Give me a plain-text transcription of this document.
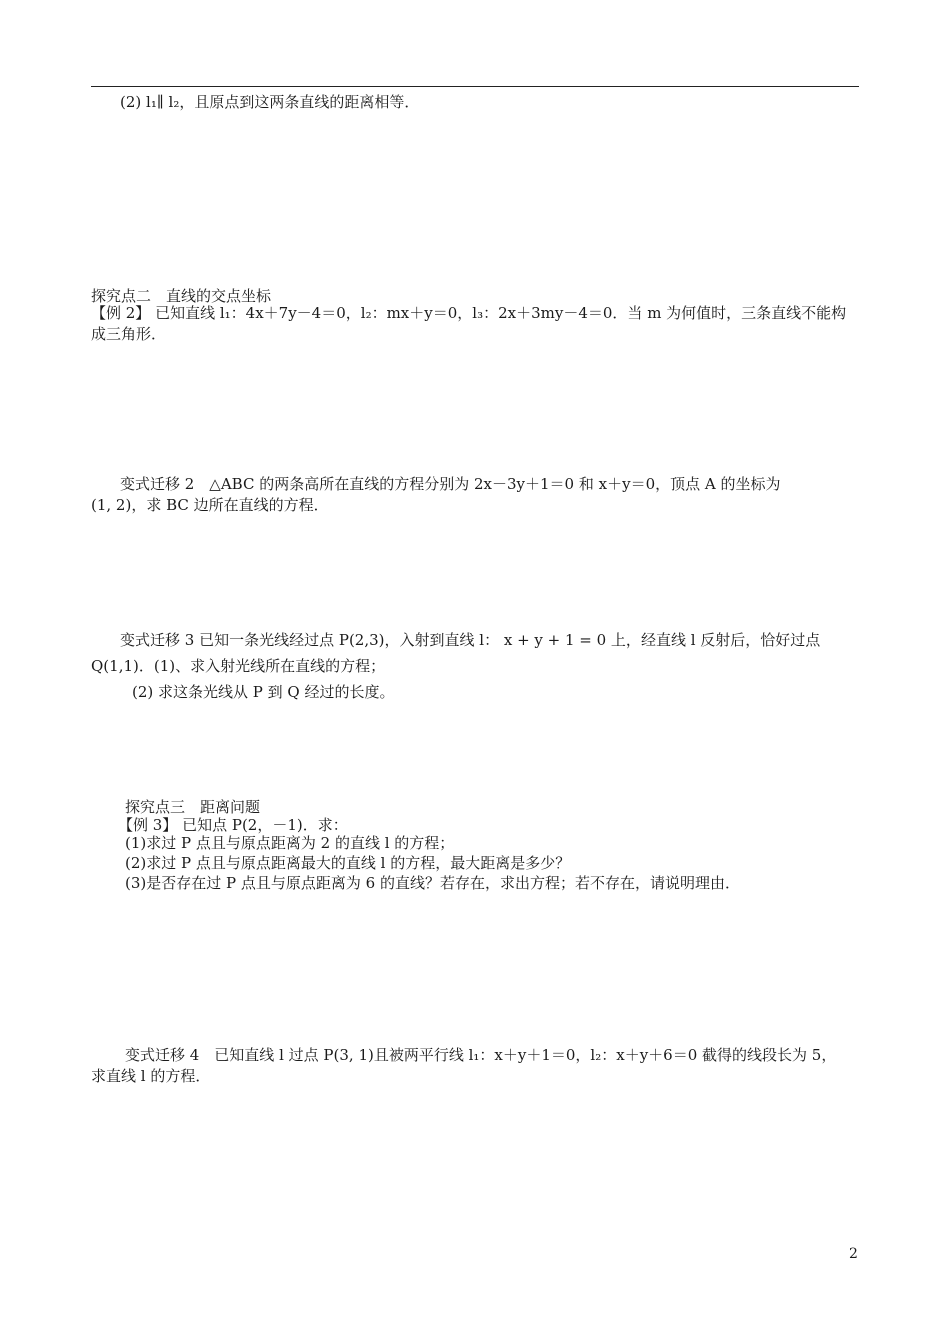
(2) l₁∥ l₂，且原点到这两条直线的距离相等．
探究点二　直线的交点坐标
【例 2】 已知直线 l₁：4x＋7y－4＝0，l₂：mx＋y＝0，l₃：2x＋3my－4＝0．当 m 为何值时，三条直线不能构
成三角形．
变式迁移 2　△ABC 的两条高所在直线的方程分别为 2x－3y＋1＝0 和 x＋y＝0，顶点 A 的坐标为
(1, 2)，求 BC 边所在直线的方程．
变式迁移 3 已知一条光线经过点 P(2,3)，入射到直线 l： x + y + 1 = 0 上，经直线 l 反射后，恰好过点
Q(1,1)．(1)、求入射光线所在直线的方程；
(2) 求这条光线从 P 到 Q 经过的长度。
探究点三　距离问题
【例 3】 已知点 P(2，－1)．求：
(1)求过 P 点且与原点距离为 2 的直线 l 的方程；
(2)求过 P 点且与原点距离最大的直线 l 的方程，最大距离是多少？
(3)是否存在过 P 点且与原点距离为 6 的直线？若存在，求出方程；若不存在，请说明理由．
变式迁移 4　已知直线 l 过点 P(3, 1)且被两平行线 l₁：x＋y＋1＝0，l₂：x＋y＋6＝0 截得的线段长为 5，
求直线 l 的方程．
2
